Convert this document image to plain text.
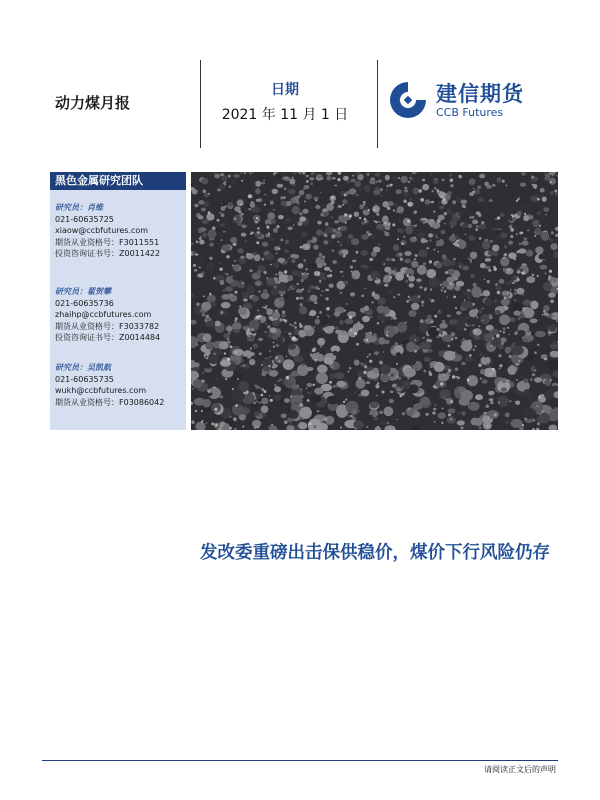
动力煤月报
日期
2021 年 11 月 1 日
建信期货
CCB Futures
黑色金属研究团队
研究员：肖维
021-60635725
xiaow@ccbfutures.com
期货从业资格号：F3011551
投资咨询证书号：Z0011422
研究员：翟贺攀
021-60635736
zhaihp@ccbfutures.com
期货从业资格号：F3033782
投资咨询证书号：Z0014484
研究员：吴凯航
021-60635735
wukh@ccbfutures.com
期货从业资格号：F03086042
发改委重磅出击保供稳价，煤价下行风险仍存
请阅读正文后的声明
